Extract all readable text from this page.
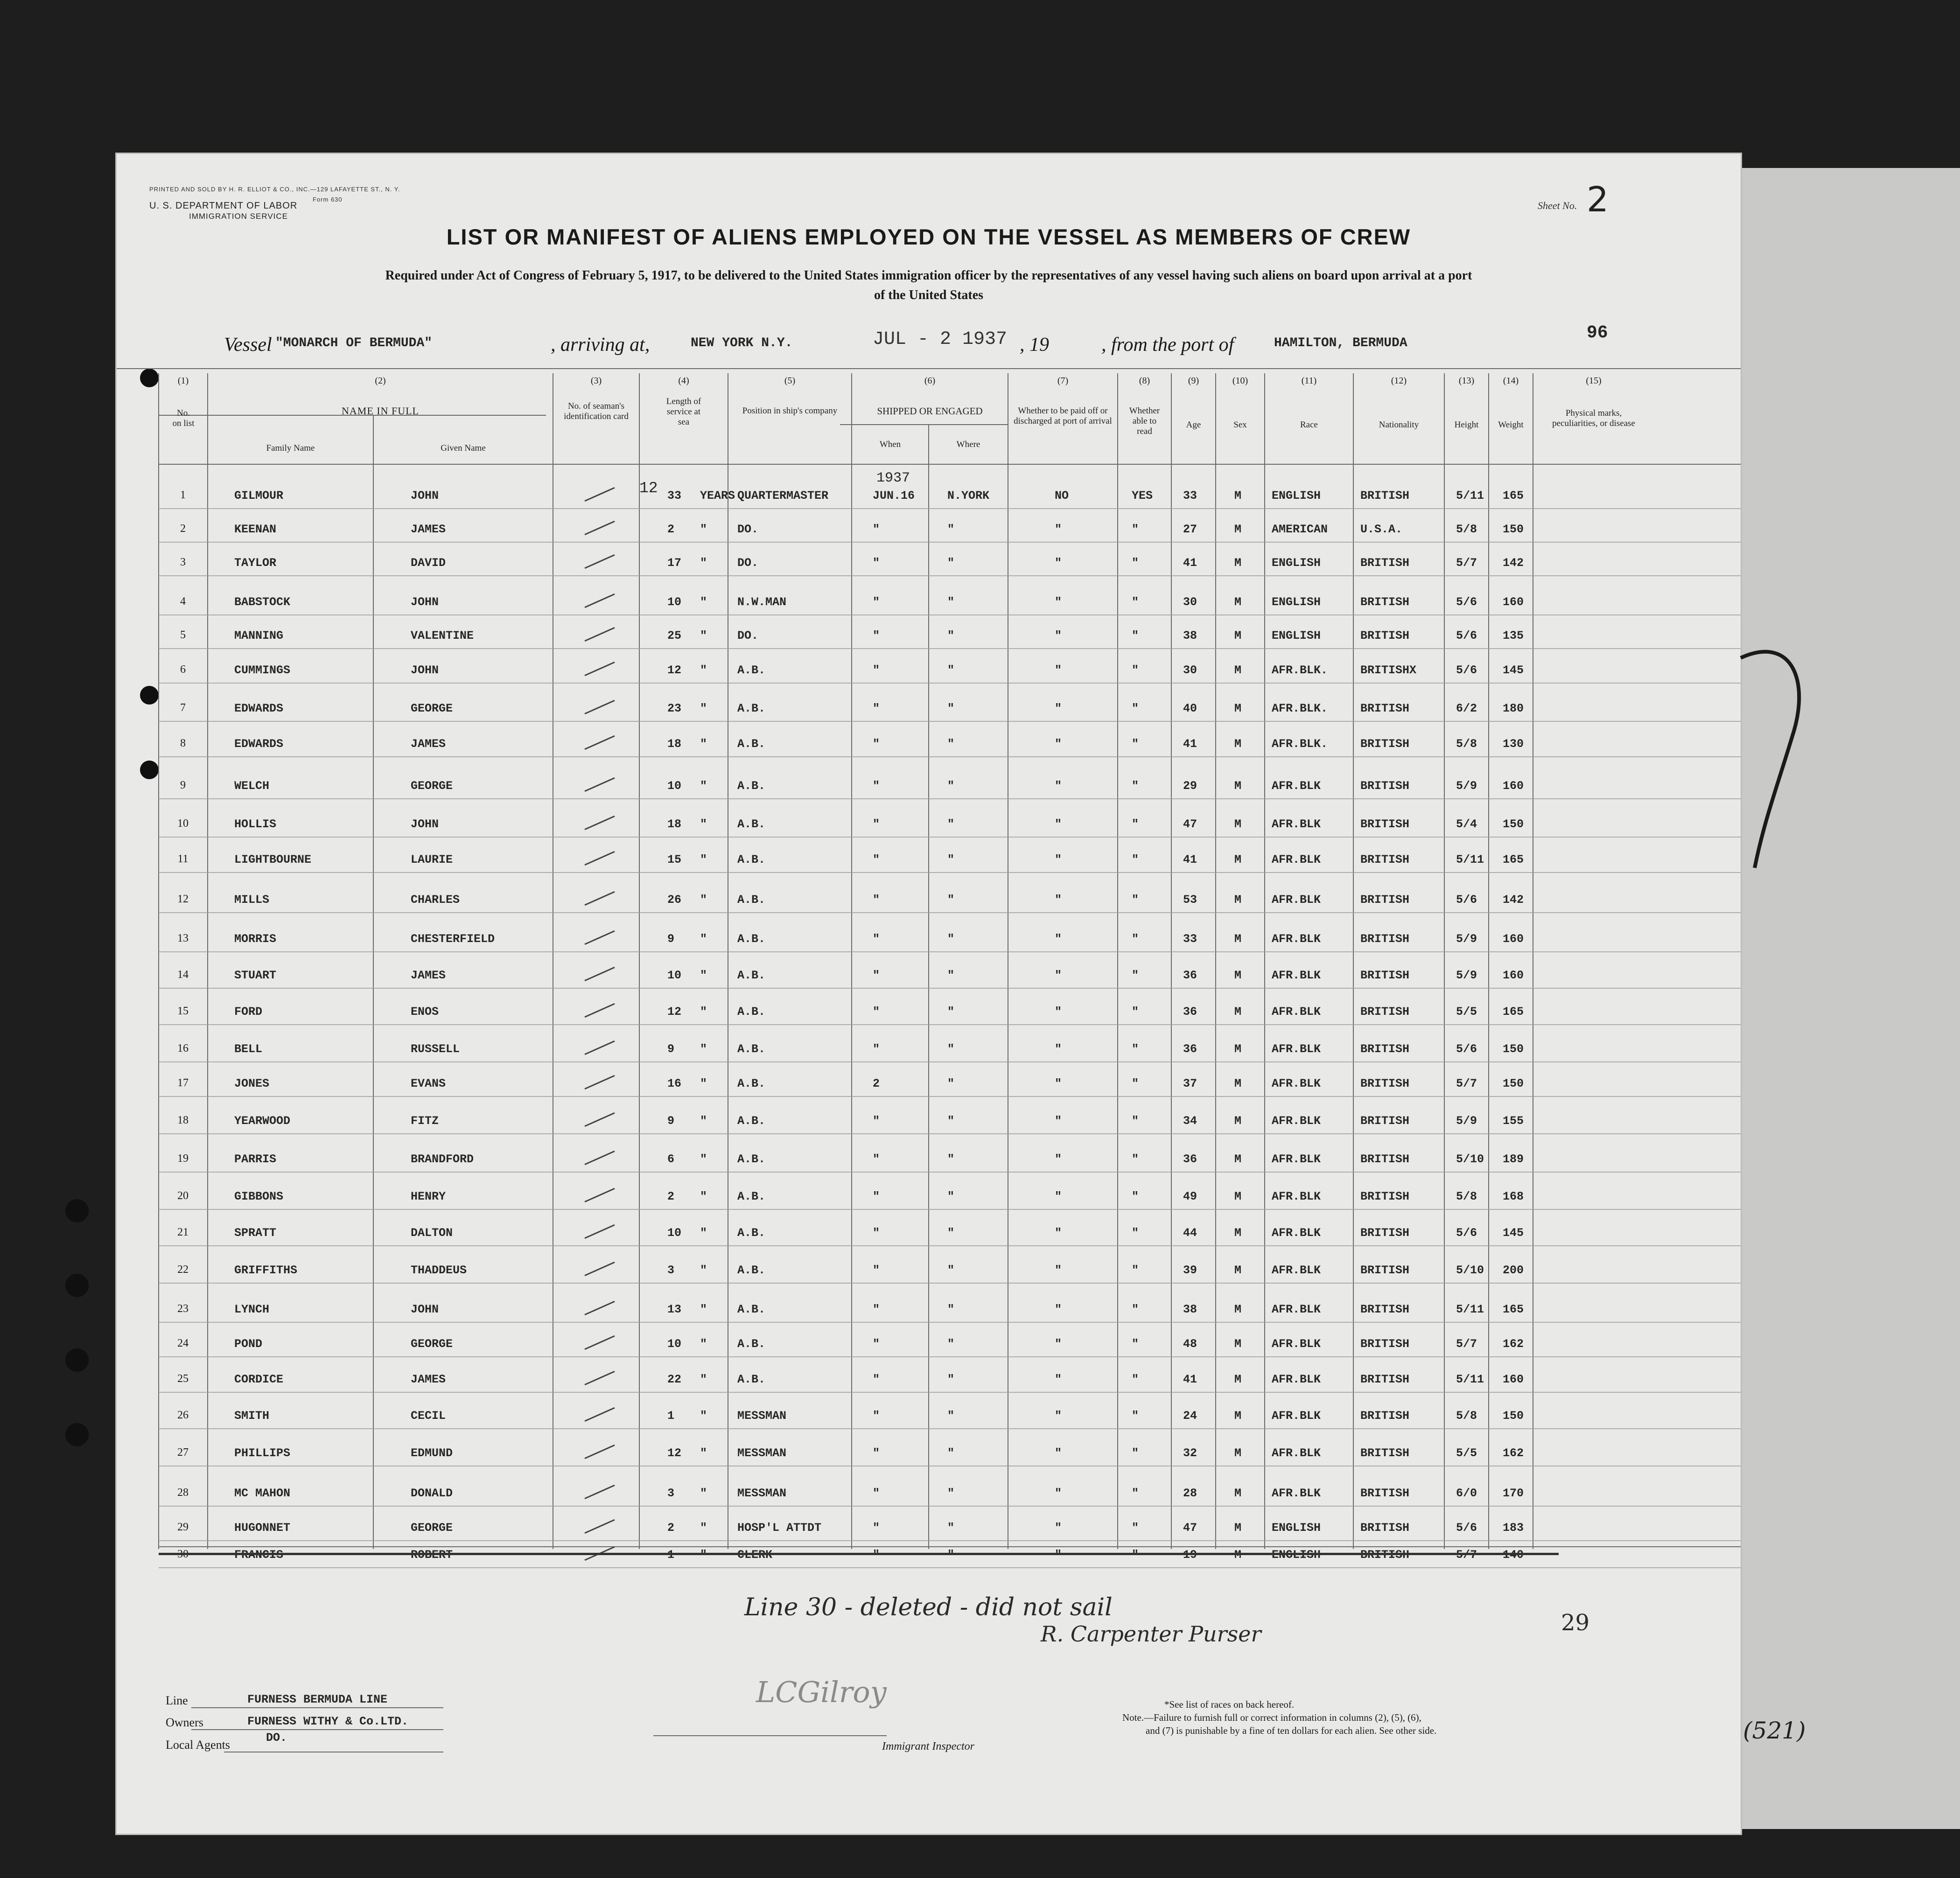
PRINTED AND SOLD BY H. R. ELLIOT & CO., INC.—129 LAFAYETTE ST., N. Y.
Form 630
U. S. DEPARTMENT OF LABOR
IMMIGRATION SERVICE
Sheet No. 2
LIST OR MANIFEST OF ALIENS EMPLOYED ON THE VESSEL AS MEMBERS OF CREW
Required under Act of Congress of February 5, 1917, to be delivered to the United States immigration officer by the representatives of any vessel having such aliens on board upon arrival at a port
of the United States
Vessel "MONARCH OF BERMUDA"	, arriving at,	NEW YORK N.Y.	JUL - 2 1937 , 19	, from the port of	HAMILTON, BERMUDA
96
(1)	(2)	(3)	(4)	(5)	(6)	(7)	(8)	(9)	(10)	(11)	(12)	(13)	(14)	(15)
No. on list
NAME IN FULL
Family Name	Given Name
No. of seaman's identification card
Length of service at sea
Position in ship's company	SHIPPED OR ENGAGED
When	Where
Whether to be paid off or discharged at port of arrival
Whether able to read
Age	Sex	Race	Nationality	Height	Weight
Physical marks, peculiarities, or disease
12
1937
1	GILMOUR	JOHN	33 YEARS QUARTERMASTER	JUN.16	N.YORK	NO	YES	33	M	ENGLISH	BRITISH	5/11 165
2	KEENAN	JAMES	2 "	DO.	"	"	"	"	27	M	AMERICAN	U.S.A.	5/8 150
3	TAYLOR	DAVID	17 "	DO.	"	"	"	"	41	M	ENGLISH	BRITISH	5/7 142
4	BABSTOCK	JOHN	10 "	N.W.MAN	"	"	"	"	30	M	ENGLISH	BRITISH	5/6 160
5	MANNING	VALENTINE	25 "	DO.	"	"	"	"	38	M	ENGLISH	BRITISH	5/6 135
6	CUMMINGS	JOHN	12 "	A.B.	"	"	"	"	30	M	AFR.BLK.	BRITISHX	5/6 145
7	EDWARDS	GEORGE	23 "	A.B.	"	"	"	"	40	M	AFR.BLK.	BRITISH	6/2 180
8	EDWARDS	JAMES	18 "	A.B.	"	"	"	"	41	M	AFR.BLK.	BRITISH	5/8 130
9	WELCH	GEORGE	10 "	A.B.	"	"	"	"	29	M	AFR.BLK	BRITISH	5/9 160
10	HOLLIS	JOHN	18 "	A.B.	"	"	"	"	47	M	AFR.BLK	BRITISH	5/4 150
11	LIGHTBOURNE	LAURIE	15 "	A.B.	"	"	"	"	41	M	AFR.BLK	BRITISH	5/11 165
12	MILLS	CHARLES	26 "	A.B.	"	"	"	"	53	M	AFR.BLK	BRITISH	5/6 142
13	MORRIS	CHESTERFIELD	9 "	A.B.	"	"	"	"	33	M	AFR.BLK	BRITISH	5/9 160
14	STUART	JAMES	10 "	A.B.	"	"	"	"	36	M	AFR.BLK	BRITISH	5/9 160
15	FORD	ENOS	12 "	A.B.	"	"	"	"	36	M	AFR.BLK	BRITISH	5/5 165
16	BELL	RUSSELL	9 "	A.B.	"	"	"	"	36	M	AFR.BLK	BRITISH	5/6 150
17	JONES	EVANS	16 "	A.B.	2	"	"	"	37	M	AFR.BLK	BRITISH	5/7 150
18	YEARWOOD	FITZ	9 "	A.B.	"	"	"	"	34	M	AFR.BLK	BRITISH	5/9 155
19	PARRIS	BRANDFORD	6 "	A.B.	"	"	"	"	36	M	AFR.BLK	BRITISH	5/10 189
20	GIBBONS	HENRY	2 "	A.B.	"	"	"	"	49	M	AFR.BLK	BRITISH	5/8 168
21	SPRATT	DALTON	10 "	A.B.	"	"	"	"	44	M	AFR.BLK	BRITISH	5/6 145
22	GRIFFITHS	THADDEUS	3 "	A.B.	"	"	"	"	39	M	AFR.BLK	BRITISH	5/10 200
23	LYNCH	JOHN	13 "	A.B.	"	"	"	"	38	M	AFR.BLK	BRITISH	5/11 165
24	POND	GEORGE	10 "	A.B.	"	"	"	"	48	M	AFR.BLK	BRITISH	5/7 162
25	CORDICE	JAMES	22 "	A.B.	"	"	"	"	41	M	AFR.BLK	BRITISH	5/11 160
26	SMITH	CECIL	1 "	MESSMAN	"	"	"	"	24	M	AFR.BLK	BRITISH	5/8 150
27	PHILLIPS	EDMUND	12 "	MESSMAN	"	"	"	"	32	M	AFR.BLK	BRITISH	5/5 162
28	MC MAHON	DONALD	3 "	MESSMAN	"	"	"	"	28	M	AFR.BLK	BRITISH	6/0 170
29	HUGONNET	GEORGE	2 "	HOSP'L ATTDT	"	"	"	"	47	M	ENGLISH	BRITISH	5/6 183
Line 30 - deleted - did not sail
R. Carpenter Purser	29
Line	FURNESS BERMUDA LINE
Owners	FURNESS WITHY & Co.LTD.
Local Agents
DO.
LCGilroy
Immigrant Inspector
*See list of races on back hereof.
Note.—Failure to furnish full or correct information in columns (2), (5), (6),
and (7) is punishable by a fine of ten dollars for each alien. See other side.	(521)
